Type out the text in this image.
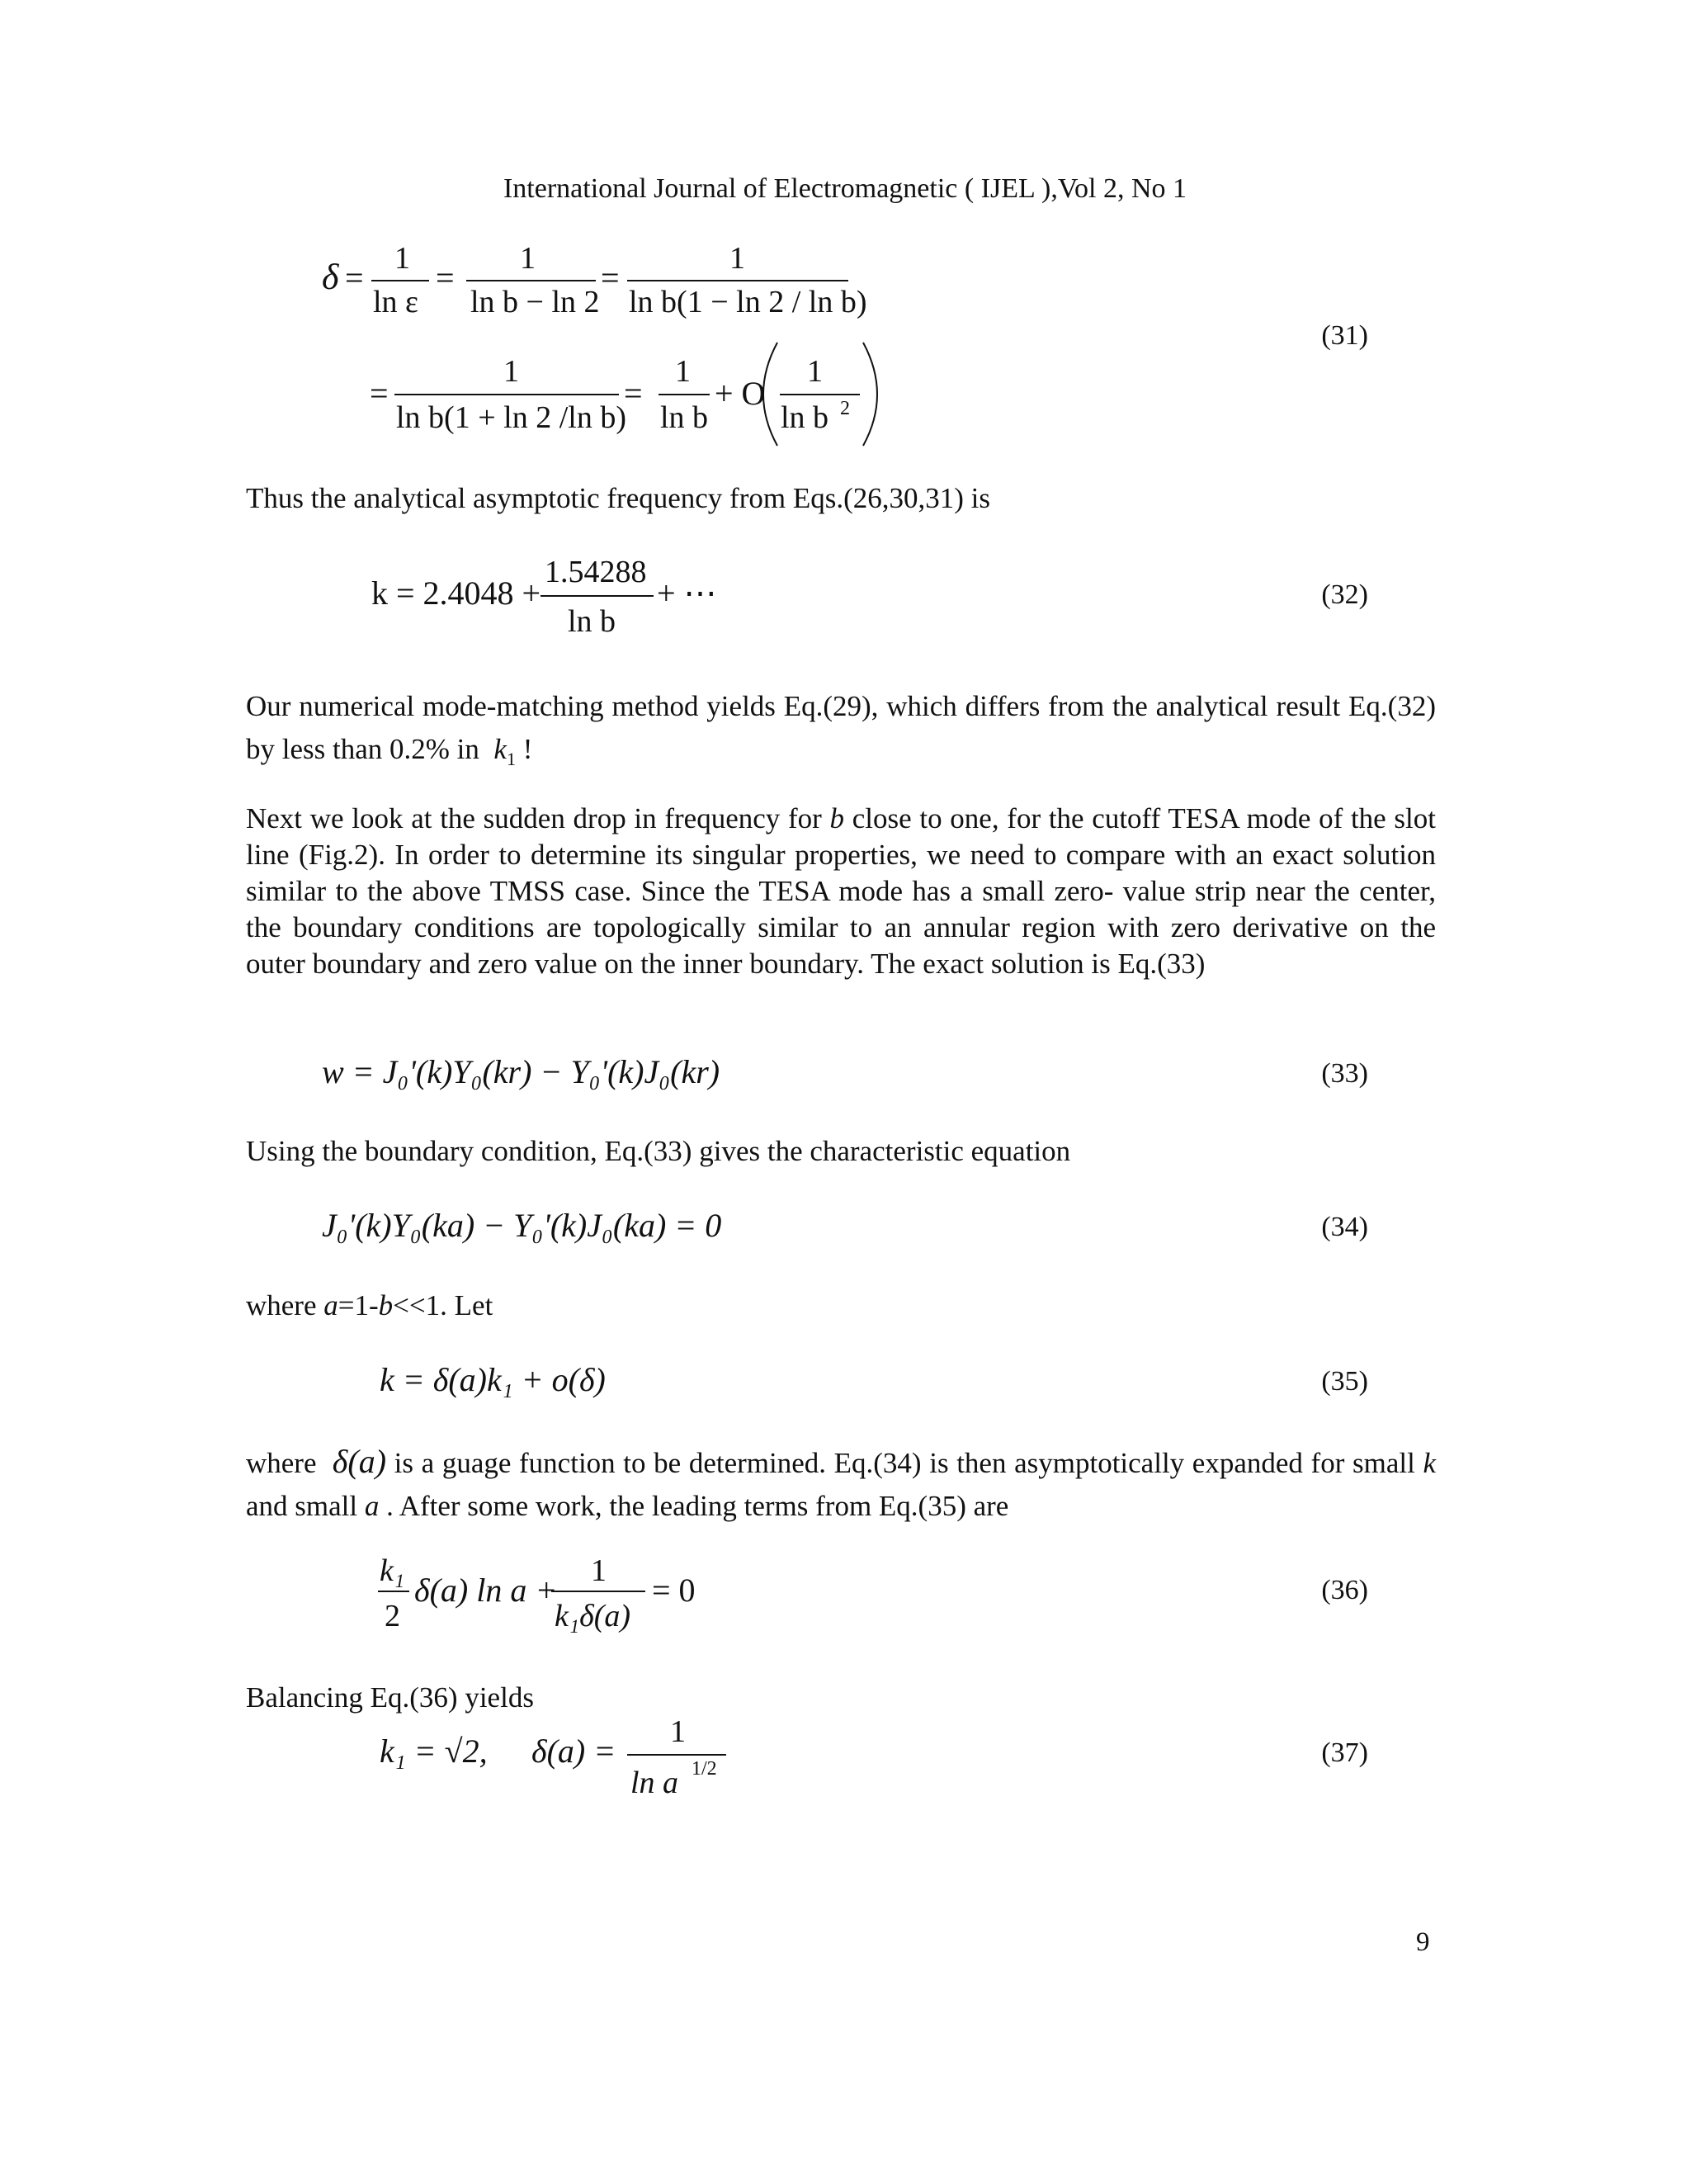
International Journal of Electromagnetic ( IJEL ),Vol 2, No 1
δ =
1
ln ε
=
1
ln b − ln 2
=
1
ln b(1 − ln 2 / ln b)
=
1
ln b(1 + ln 2 /ln b)
=
1
ln b
+ O
1
ln b 2
(31)

Thus the analytical asymptotic frequency from Eqs.(26,30,31) is

k = 2.4048 +
1.54288
ln b
+ ⋯	(32)

Our numerical mode-matching method yields Eq.(29), which differs from the analytical result Eq.(32) by less than 0.2% in $k_1$ !

Next we look at the sudden drop in frequency for b close to one, for the cutoff TESA mode of the slot line (Fig.2). In order to determine its singular properties, we need to compare with an exact solution similar to the above TMSS case. Since the TESA mode has a small zero- value strip near the center, the boundary conditions are topologically similar to an annular region with zero derivative on the outer boundary and zero value on the inner boundary. The exact solution is Eq.(33)

w = J₀'(k)Y₀(kr) − Y₀'(k)J₀(kr)	(33)

Using the boundary condition, Eq.(33) gives the characteristic equation

J₀'(k)Y₀(ka) − Y₀'(k)J₀(ka) = 0	(34)

where a=1-b<<1. Let

k = δ(a)k₁ + o(δ)	(35)

where δ(a) is a guage function to be determined. Eq.(34) is then asymptotically expanded for small k and small a . After some work, the leading terms from Eq.(35) are

k₁
2
δ(a) ln a +
1
k₁δ(a)
= 0	(36)

Balancing Eq.(36) yields

k₁ = √2, δ(a) =
1
ln a 1/2
(37)
9
